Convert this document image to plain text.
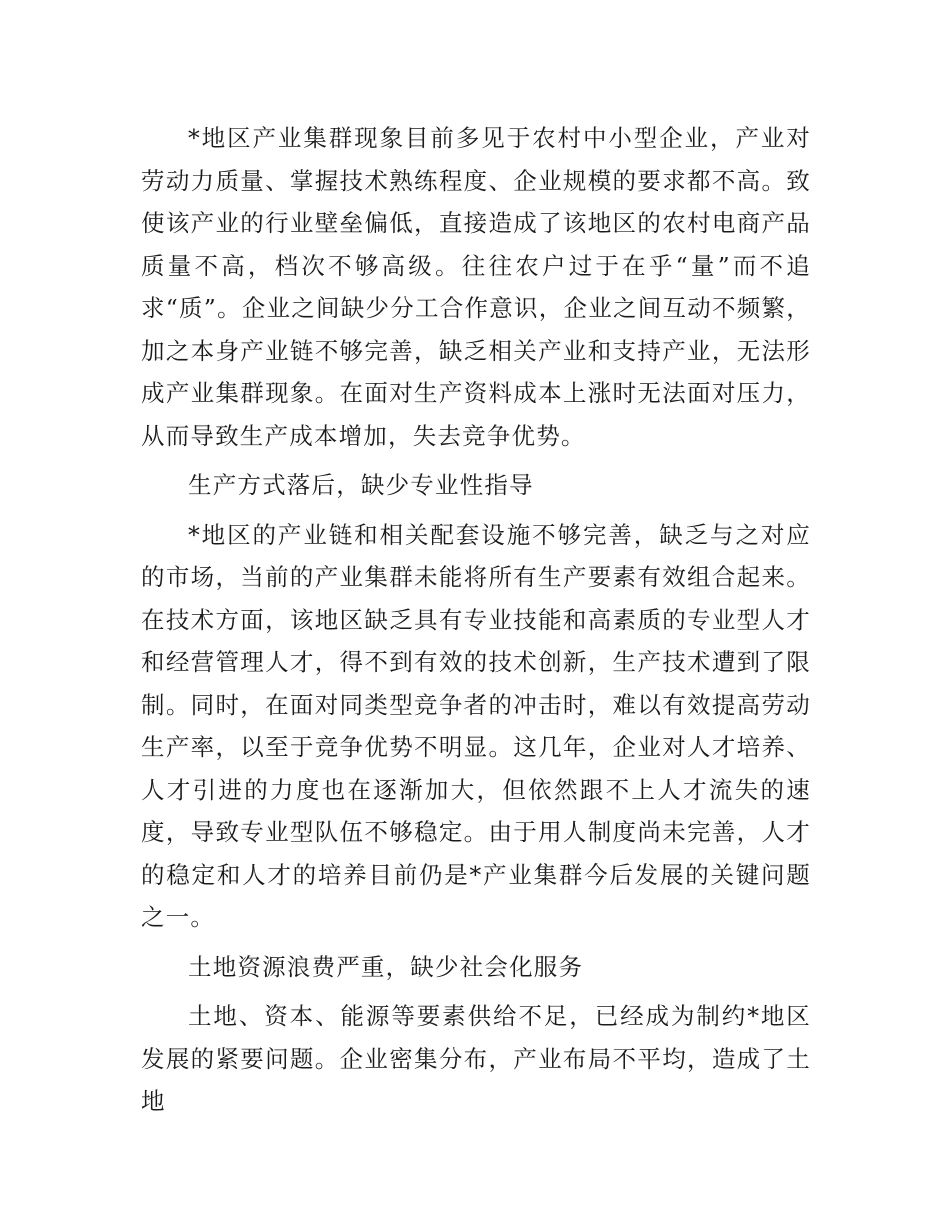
*地区产业集群现象目前多见于农村中小型企业，产业对劳动力质量、掌握技术熟练程度、企业规模的要求都不高。致使该产业的行业壁垒偏低，直接造成了该地区的农村电商产品质量不高，档次不够高级。往往农户过于在乎“量”而不追求“质”。企业之间缺少分工合作意识，企业之间互动不频繁，加之本身产业链不够完善，缺乏相关产业和支持产业，无法形成产业集群现象。在面对生产资料成本上涨时无法面对压力，从而导致生产成本增加，失去竞争优势。

生产方式落后，缺少专业性指导

*地区的产业链和相关配套设施不够完善，缺乏与之对应的市场，当前的产业集群未能将所有生产要素有效组合起来。在技术方面，该地区缺乏具有专业技能和高素质的专业型人才和经营管理人才，得不到有效的技术创新，生产技术遭到了限制。同时，在面对同类型竞争者的冲击时，难以有效提高劳动生产率，以至于竞争优势不明显。这几年，企业对人才培养、人才引进的力度也在逐渐加大，但依然跟不上人才流失的速度，导致专业型队伍不够稳定。由于用人制度尚未完善，人才的稳定和人才的培养目前仍是*产业集群今后发展的关键问题之一。

土地资源浪费严重，缺少社会化服务

土地、资本、能源等要素供给不足，已经成为制约*地区发展的紧要问题。企业密集分布，产业布局不平均，造成了土地
